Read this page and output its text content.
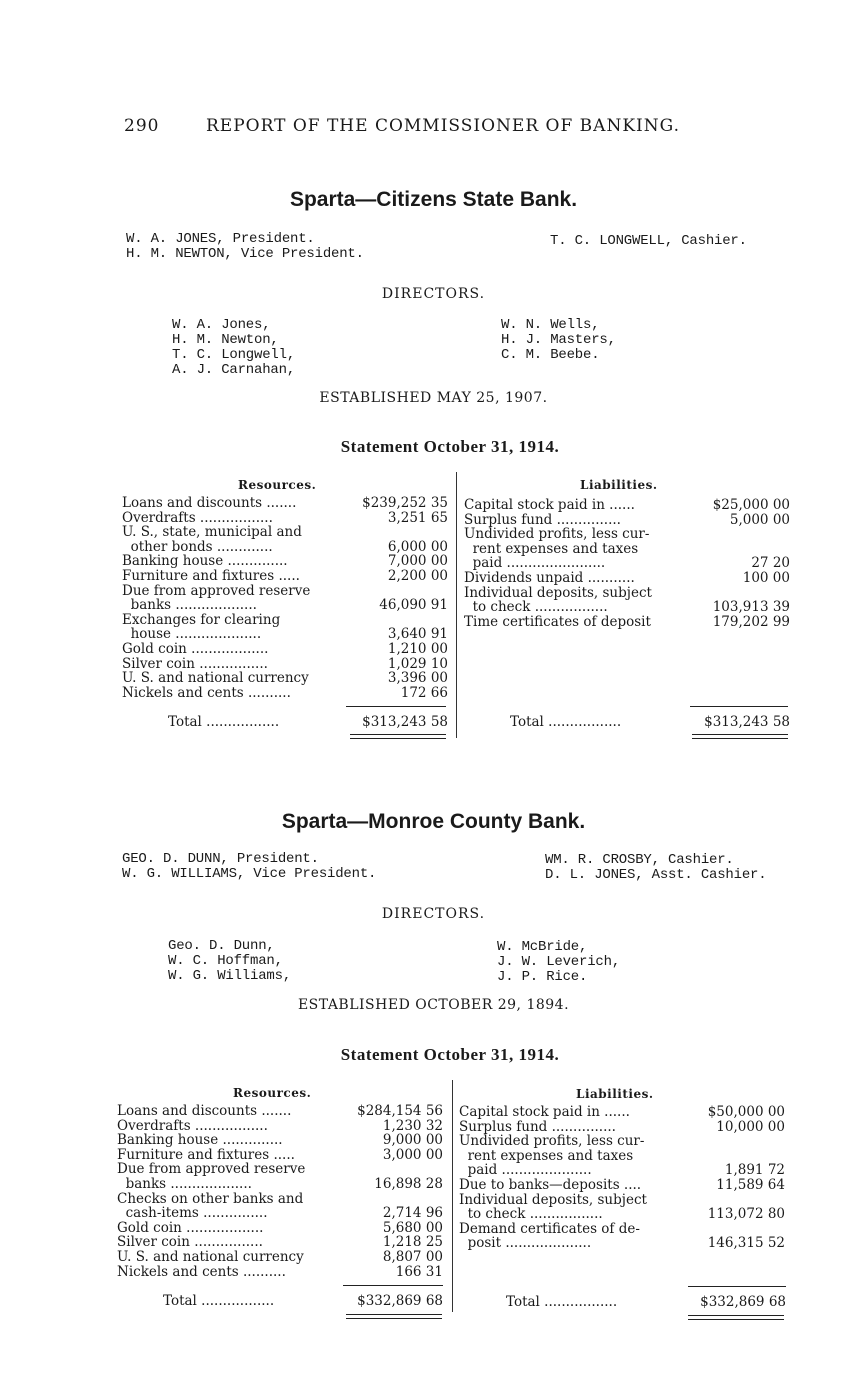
290	REPORT OF THE COMMISSIONER OF BANKING.
Sparta—Citizens State Bank.
W. A. JONES, President.
H. M. NEWTON, Vice President.
T. C. LONGWELL, Cashier.
DIRECTORS.
W. A. Jones,
H. M. Newton,
T. C. Longwell,
A. J. Carnahan,
W. N. Wells,
H. J. Masters,
C. M. Beebe.
ESTABLISHED MAY 25, 1907.
Statement October 31, 1914.
Resources.	Liabilities.
Loans and discounts .......	$239,252 35
Overdrafts .................	3,251 65
U. S., state, municipal and
other bonds .............	6,000 00
Banking house ..............	7,000 00
Furniture and fixtures .....	2,200 00
Due from approved reserve
banks ...................	46,090 91
Exchanges for clearing
house ....................	3,640 91
Gold coin ..................	1,210 00
Silver coin ................	1,029 10
U. S. and national currency	3,396 00
Nickels and cents ..........	172 66
Capital stock paid in ......	$25,000 00
Surplus fund ...............	5,000 00
Undivided profits, less cur-
rent expenses and taxes
paid .......................	27 20
Dividends unpaid ...........	100 00
Individual deposits, subject
to check .................	103,913 39
Time certificates of deposit	179,202 99
Total .................	$313,243 58	Total .................	$313,243 58
Sparta—Monroe County Bank.
GEO. D. DUNN, President.
W. G. WILLIAMS, Vice President.
WM. R. CROSBY, Cashier.
D. L. JONES, Asst. Cashier.
DIRECTORS.
Geo. D. Dunn,
W. C. Hoffman,
W. G. Williams,
W. McBride,
J. W. Leverich,
J. P. Rice.
ESTABLISHED OCTOBER 29, 1894.
Statement October 31, 1914.
Resources.	Liabilities.
Loans and discounts .......	$284,154 56
Overdrafts .................	1,230 32
Banking house ..............	9,000 00
Furniture and fixtures .....	3,000 00
Due from approved reserve
banks ...................	16,898 28
Checks on other banks and
cash-items ...............	2,714 96
Gold coin ..................	5,680 00
Silver coin ................	1,218 25
U. S. and national currency	8,807 00
Nickels and cents ..........	166 31
Capital stock paid in ......	$50,000 00
Surplus fund ...............	10,000 00
Undivided profits, less cur-
rent expenses and taxes
paid .....................	1,891 72
Due to banks—deposits ....	11,589 64
Individual deposits, subject
to check .................	113,072 80
Demand certificates of de-
posit ....................	146,315 52
Total .................	$332,869 68	Total .................	$332,869 68
